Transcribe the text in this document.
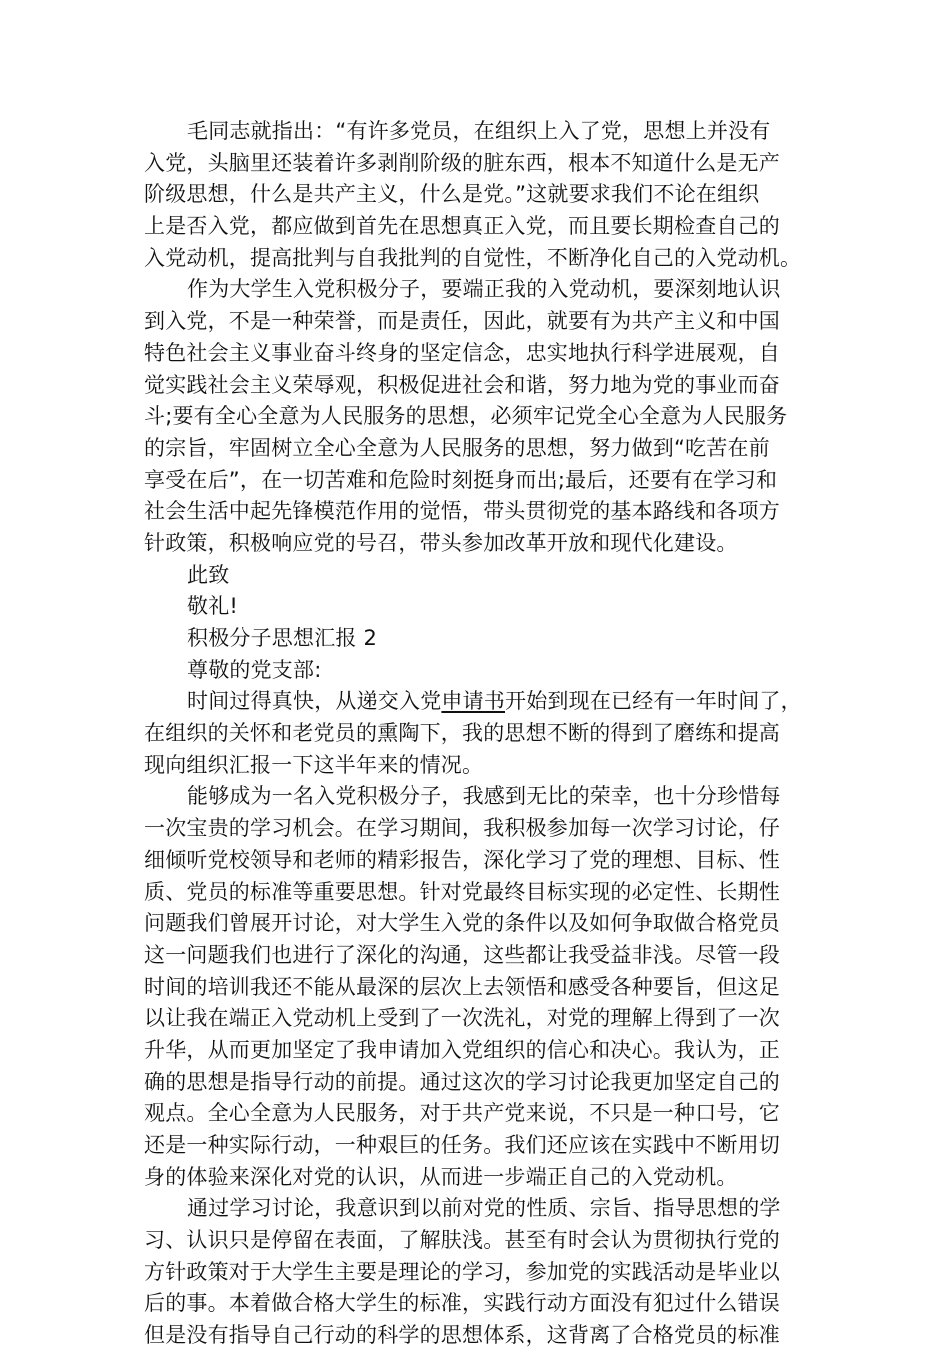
毛同志就指出：“有许多党员，在组织上入了党，思想上并没有
入党，头脑里还装着许多剥削阶级的脏东西，根本不知道什么是无产
阶级思想，什么是共产主义，什么是党。”这就要求我们不论在组织
上是否入党，都应做到首先在思想真正入党，而且要长期检查自己的
入党动机，提高批判与自我批判的自觉性，不断净化自己的入党动机。
作为大学生入党积极分子，要端正我的入党动机，要深刻地认识
到入党，不是一种荣誉，而是责任，因此，就要有为共产主义和中国
特色社会主义事业奋斗终身的坚定信念，忠实地执行科学进展观，自
觉实践社会主义荣辱观，积极促进社会和谐，努力地为党的事业而奋
斗;要有全心全意为人民服务的思想，必须牢记党全心全意为人民服务
的宗旨，牢固树立全心全意为人民服务的思想，努力做到“吃苦在前
享受在后”，在一切苦难和危险时刻挺身而出;最后，还要有在学习和
社会生活中起先锋模范作用的觉悟，带头贯彻党的基本路线和各项方
针政策，积极响应党的号召，带头参加改革开放和现代化建设。
此致
敬礼!
积极分子思想汇报 2
尊敬的党支部:
时间过得真快，从递交入党申请书开始到现在已经有一年时间了，
在组织的关怀和老党员的熏陶下，我的思想不断的得到了磨练和提高
现向组织汇报一下这半年来的情况。
能够成为一名入党积极分子，我感到无比的荣幸，也十分珍惜每
一次宝贵的学习机会。在学习期间，我积极参加每一次学习讨论，仔
细倾听党校领导和老师的精彩报告，深化学习了党的理想、目标、性
质、党员的标准等重要思想。针对党最终目标实现的必定性、长期性
问题我们曾展开讨论，对大学生入党的条件以及如何争取做合格党员
这一问题我们也进行了深化的沟通，这些都让我受益非浅。尽管一段
时间的培训我还不能从最深的层次上去领悟和感受各种要旨，但这足
以让我在端正入党动机上受到了一次洗礼，对党的理解上得到了一次
升华，从而更加坚定了我申请加入党组织的信心和决心。我认为，正
确的思想是指导行动的前提。通过这次的学习讨论我更加坚定自己的
观点。全心全意为人民服务，对于共产党来说，不只是一种口号，它
还是一种实际行动，一种艰巨的任务。我们还应该在实践中不断用切
身的体验来深化对党的认识，从而进一步端正自己的入党动机。
通过学习讨论，我意识到以前对党的性质、宗旨、指导思想的学
习、认识只是停留在表面，了解肤浅。甚至有时会认为贯彻执行党的
方针政策对于大学生主要是理论的学习，参加党的实践活动是毕业以
后的事。本着做合格大学生的标准，实践行动方面没有犯过什么错误
但是没有指导自己行动的科学的思想体系，这背离了合格党员的标准
